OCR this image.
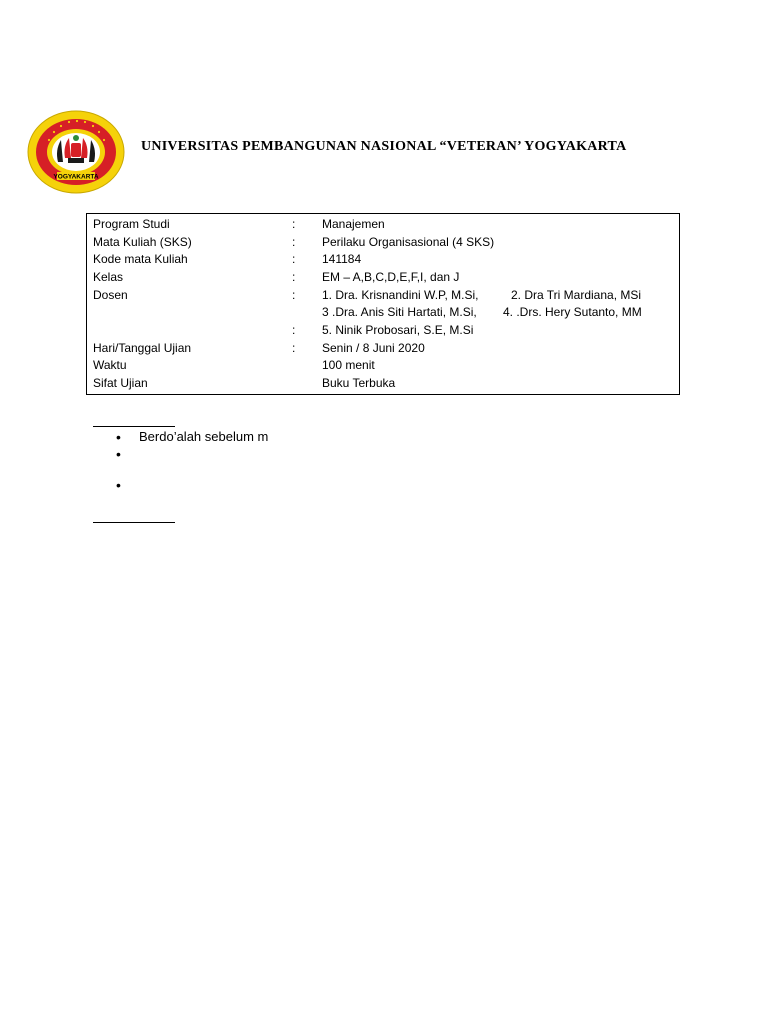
YOGYAKARTA
UNIVERSITAS PEMBANGUNAN NASIONAL “VETERAN’ YOGYAKARTA
Program Studi	: Manajemen
Mata Kuliah (SKS)	: Perilaku Organisasional (4 SKS)
Kode mata Kuliah	: 141184
Kelas	: EM – A,B,C,D,E,F,I, dan J
Dosen	: 1. Dra. Krisnandini W.P, M.Si,	2. Dra Tri Mardiana, MSi
3 .Dra. Anis Siti Hartati, M.Si, 4. .Drs. Hery Sutanto, MM
: 5. Ninik Probosari, S.E, M.Si
Hari/Tanggal Ujian	: Senin / 8 Juni 2020
Waktu	100 menit
Sifat Ujian	Buku Terbuka
• Berdo’alah sebelum m
•
•
